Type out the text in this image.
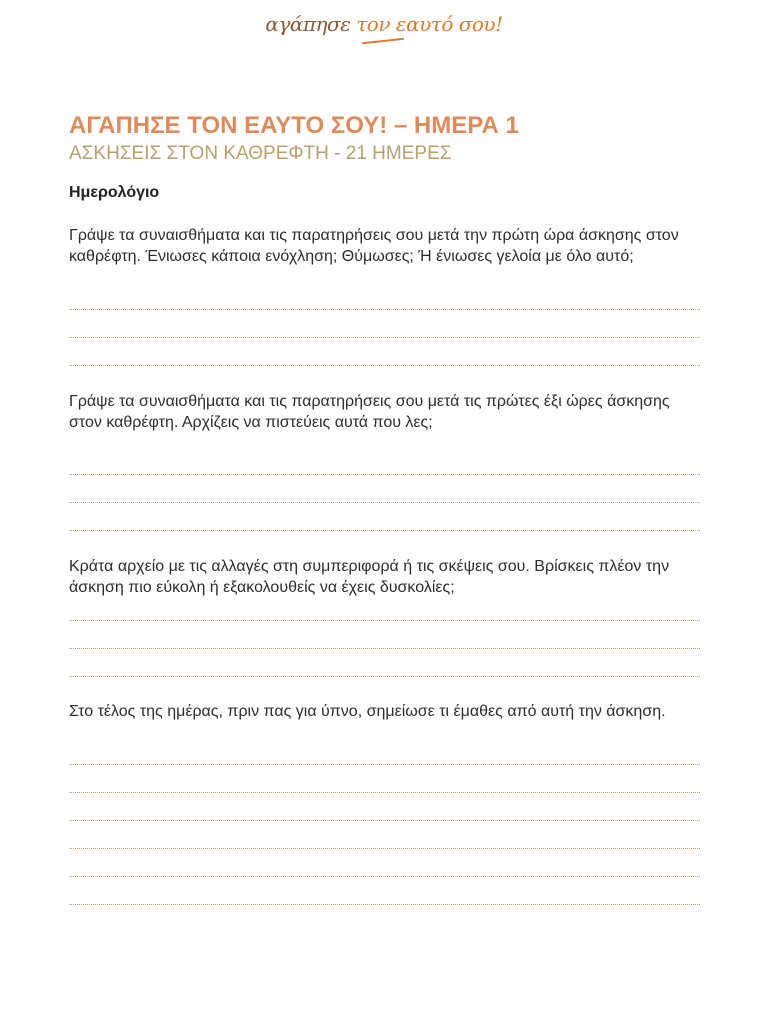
αγάπησε τον εαυτό σου!
ΑΓΑΠΗΣΕ ΤΟΝ ΕΑΥΤΟ ΣΟΥ! – ΗΜΕΡΑ 1
ΑΣΚΗΣΕΙΣ ΣΤΟΝ ΚΑΘΡΕΦΤΗ - 21 ΗΜΕΡΕΣ
Ημερολόγιο
Γράψε τα συναισθήματα και τις παρατηρήσεις σου μετά την πρώτη ώρα άσκησης στον καθρέφτη. Ένιωσες κάποια ενόχληση; Θύμωσες; Ή ένιωσες γελοία με όλο αυτό;
Γράψε τα συναισθήματα και τις παρατηρήσεις σου μετά τις πρώτες έξι ώρες άσκησης στον καθρέφτη. Αρχίζεις να πιστεύεις αυτά που λες;
Κράτα αρχείο με τις αλλαγές στη συμπεριφορά ή τις σκέψεις σου. Βρίσκεις πλέον την άσκηση πιο εύκολη ή εξακολουθείς να έχεις δυσκολίες;
Στο τέλος της ημέρας, πριν πας για ύπνο, σημείωσε τι έμαθες από αυτή την άσκηση.
